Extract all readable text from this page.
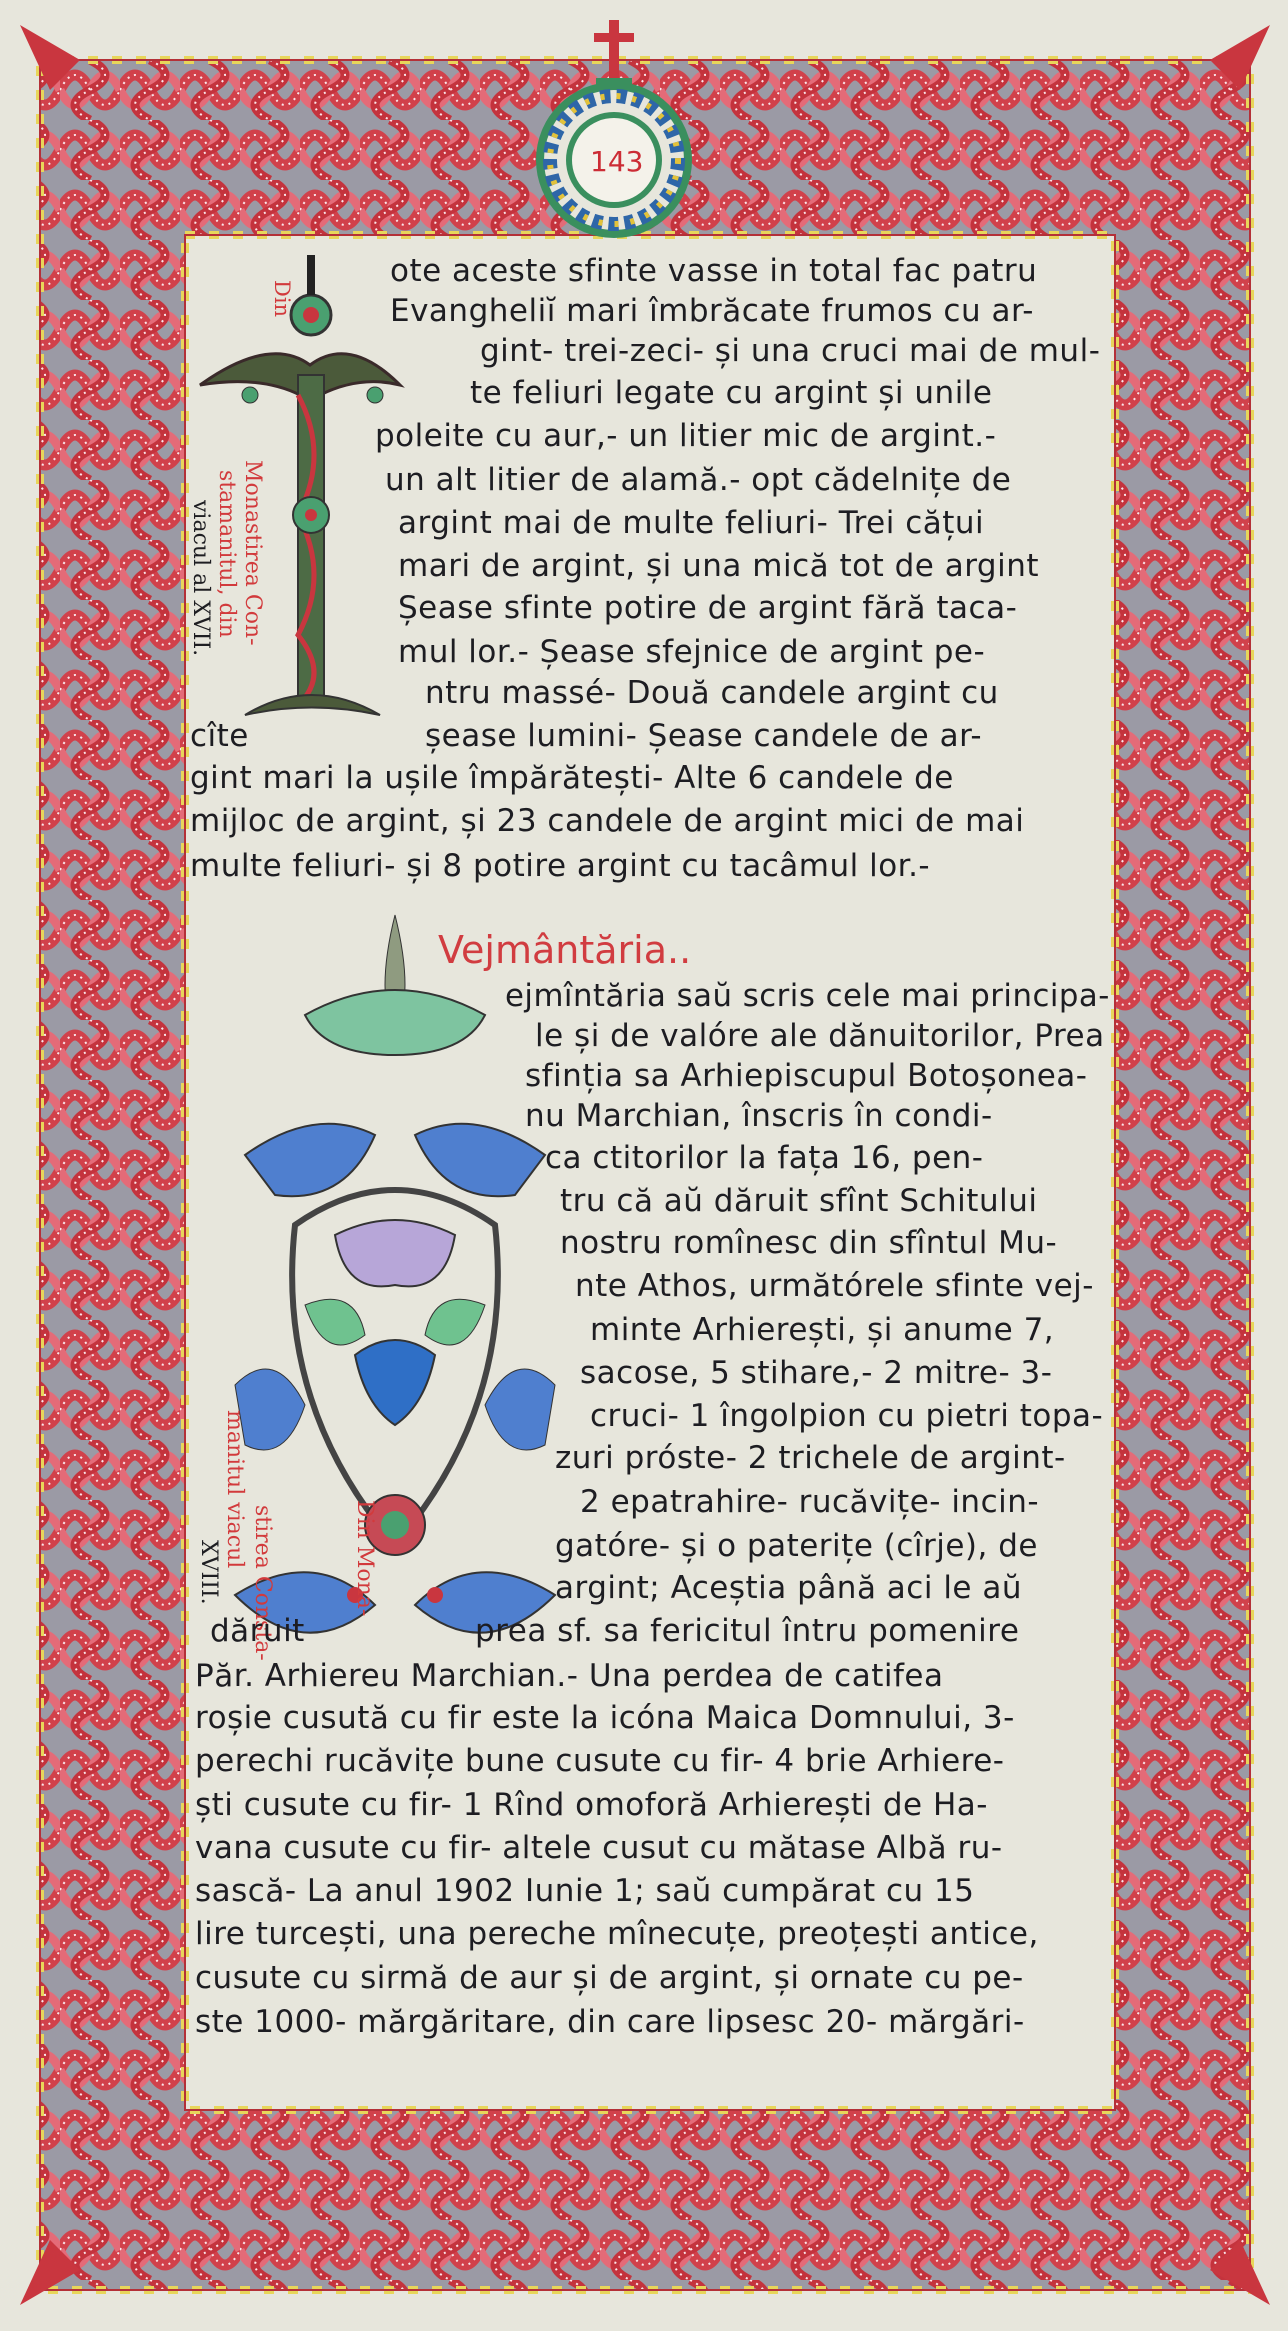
143
Din
Monastirea Con-
stamanitul, din
viacul al XVII.
Din Mona-
stirea Consta-
manitul viacul
XVIII.
ote aceste sfinte vasse in total fac patru
Evangheliĭ mari îmbrăcate frumos cu ar-
gint- trei-zeci- și una cruci mai de mul-
te feliuri legate cu argint și unile
poleite cu aur,- un litier mic de argint.-
un alt litier de alamă.- opt cădelnițe de
argint mai de multe feliuri- Trei cățui
mari de argint, și una mică tot de argint
Șease sfinte potire de argint fără taca-
mul lor.- Șease sfejnice de argint pe-
ntru massé- Două candele argint cu
cîte	șease lumini- Șease candele de ar-
gint mari la ușile împărătești- Alte 6 candele de
mijloc de argint, și 23 candele de argint mici de mai
multe feliuri- și 8 potire argint cu tacâmul lor.-
Vejmântăria..
ejmîntăria saŭ scris cele mai principa-
le și de valóre ale dănuitorilor, Prea
sfinția sa Arhiepiscupul Botoșonea-
nu Marchian, înscris în condi-
ca ctitorilor la fața 16, pen-
tru că aŭ dăruit sfînt Schitului
nostru romînesc din sfîntul Mu-
nte Athos, următórele sfinte vej-
minte Arhierești, și anume 7,
sacose, 5 stihare,- 2 mitre- 3-
cruci- 1 îngolpion cu pietri topa-
zuri próste- 2 trichele de argint-
2 epatrahire- rucăvițe- incin-
gatóre- și o paterițe (cîrje), de
argint; Aceștia până aci le aŭ
dăruit	prea sf. sa fericitul întru pomenire
Păr. Arhiereu Marchian.- Una perdea de catifea
roșie cusută cu fir este la icóna Maica Domnului, 3-
perechi rucăvițe bune cusute cu fir- 4 brie Arhiere-
ști cusute cu fir- 1 Rînd omoforă Arhierești de Ha-
vana cusute cu fir- altele cusut cu mătase Albă ru-
sască- La anul 1902 Iunie 1; saŭ cumpărat cu 15
lire turcești, una pereche mînecuțe, preoțești antice,
cusute cu sirmă de aur și de argint, și ornate cu pe-
ste 1000- mărgăritare, din care lipsesc 20- mărgări-
